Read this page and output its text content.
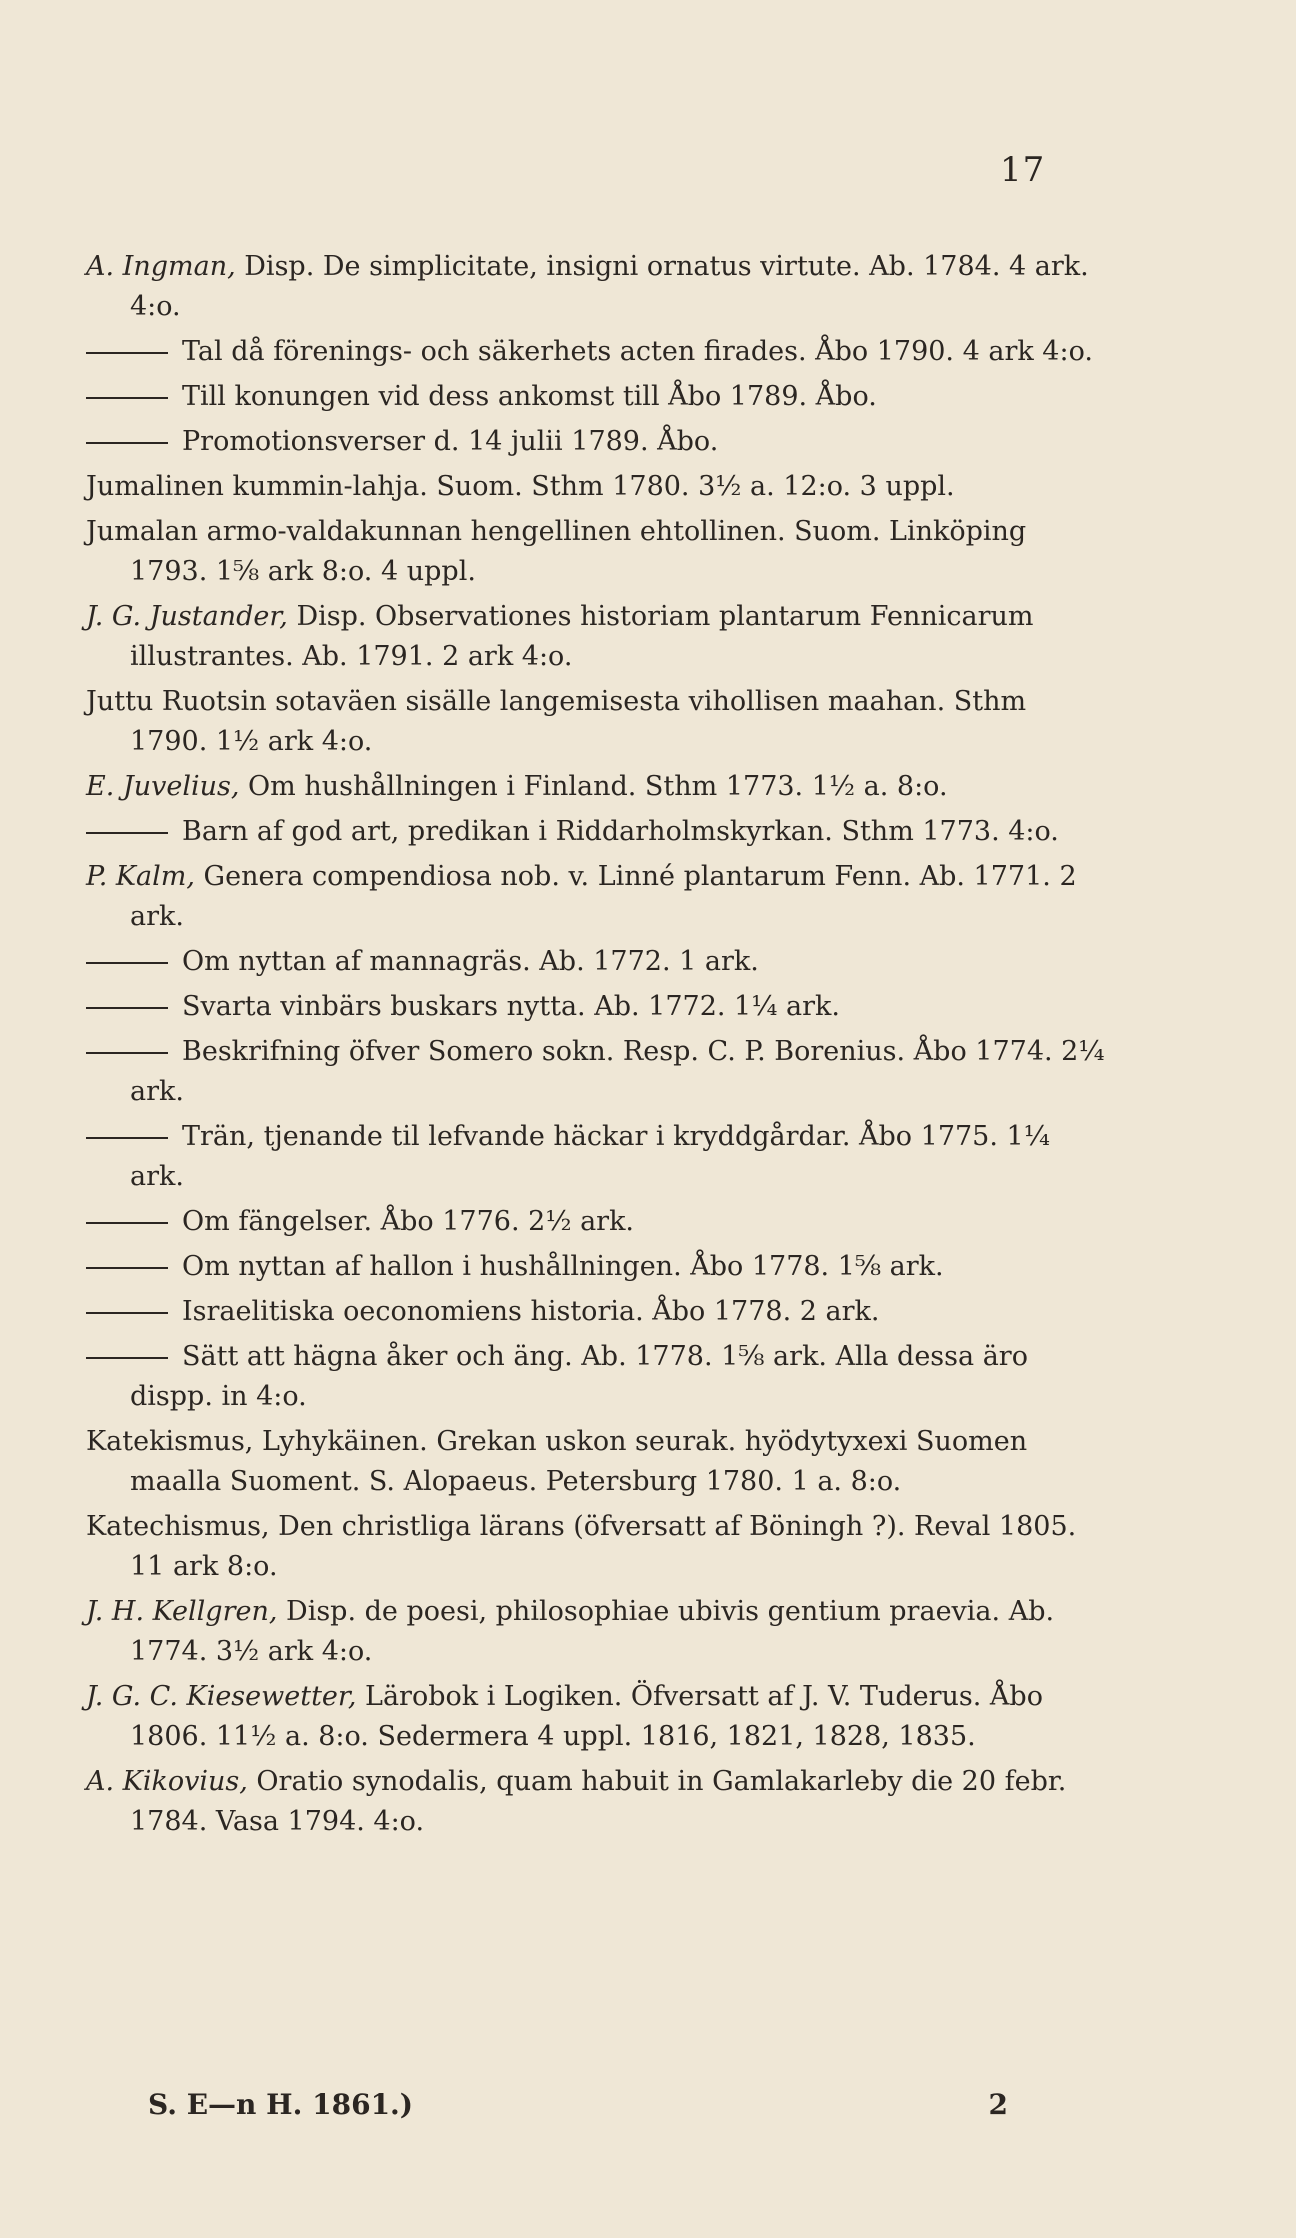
17
A. Ingman, Disp. De simplicitate, insigni ornatus virtute. Ab. 1784. 4 ark. 4:o.
Tal då förenings- och säkerhets acten firades. Åbo 1790. 4 ark 4:o.
Till konungen vid dess ankomst till Åbo 1789. Åbo.
Promotionsverser d. 14 julii 1789. Åbo.
Jumalinen kummin-lahja. Suom. Sthm 1780. 3½ a. 12:o. 3 uppl.
Jumalan armo-valdakunnan hengellinen ehtollinen. Suom. Linköping 1793. 1⅝ ark 8:o. 4 uppl.
J. G. Justander, Disp. Observationes historiam plantarum Fennicarum illustrantes. Ab. 1791. 2 ark 4:o.
Juttu Ruotsin sotaväen sisälle langemisesta vihollisen maahan. Sthm 1790. 1½ ark 4:o.
E. Juvelius, Om hushållningen i Finland. Sthm 1773. 1½ a. 8:o.
Barn af god art, predikan i Riddarholmskyrkan. Sthm 1773. 4:o.
P. Kalm, Genera compendiosa nob. v. Linné plantarum Fenn. Ab. 1771. 2 ark.
Om nyttan af mannagräs. Ab. 1772. 1 ark.
Svarta vinbärs buskars nytta. Ab. 1772. 1¼ ark.
Beskrifning öfver Somero sokn. Resp. C. P. Borenius. Åbo 1774. 2¼ ark.
Trän, tjenande til lefvande häckar i kryddgårdar. Åbo 1775. 1¼ ark.
Om fängelser. Åbo 1776. 2½ ark.
Om nyttan af hallon i hushållningen. Åbo 1778. 1⅝ ark.
Israelitiska oeconomiens historia. Åbo 1778. 2 ark.
Sätt att hägna åker och äng. Ab. 1778. 1⅝ ark. Alla dessa äro dispp. in 4:o.
Katekismus, Lyhykäinen. Grekan uskon seurak. hyödytyxexi Suomen maalla Suoment. S. Alopaeus. Petersburg 1780. 1 a. 8:o.
Katechismus, Den christliga lärans (öfversatt af Böningh ?). Reval 1805. 11 ark 8:o.
J. H. Kellgren, Disp. de poesi, philosophiae ubivis gentium praevia. Ab. 1774. 3½ ark 4:o.
J. G. C. Kiesewetter, Lärobok i Logiken. Öfversatt af J. V. Tuderus. Åbo 1806. 11½ a. 8:o. Sedermera 4 uppl. 1816, 1821, 1828, 1835.
A. Kikovius, Oratio synodalis, quam habuit in Gamlakarleby die 20 febr. 1784. Vasa 1794. 4:o.
S. E—n H. 1861.)	2
